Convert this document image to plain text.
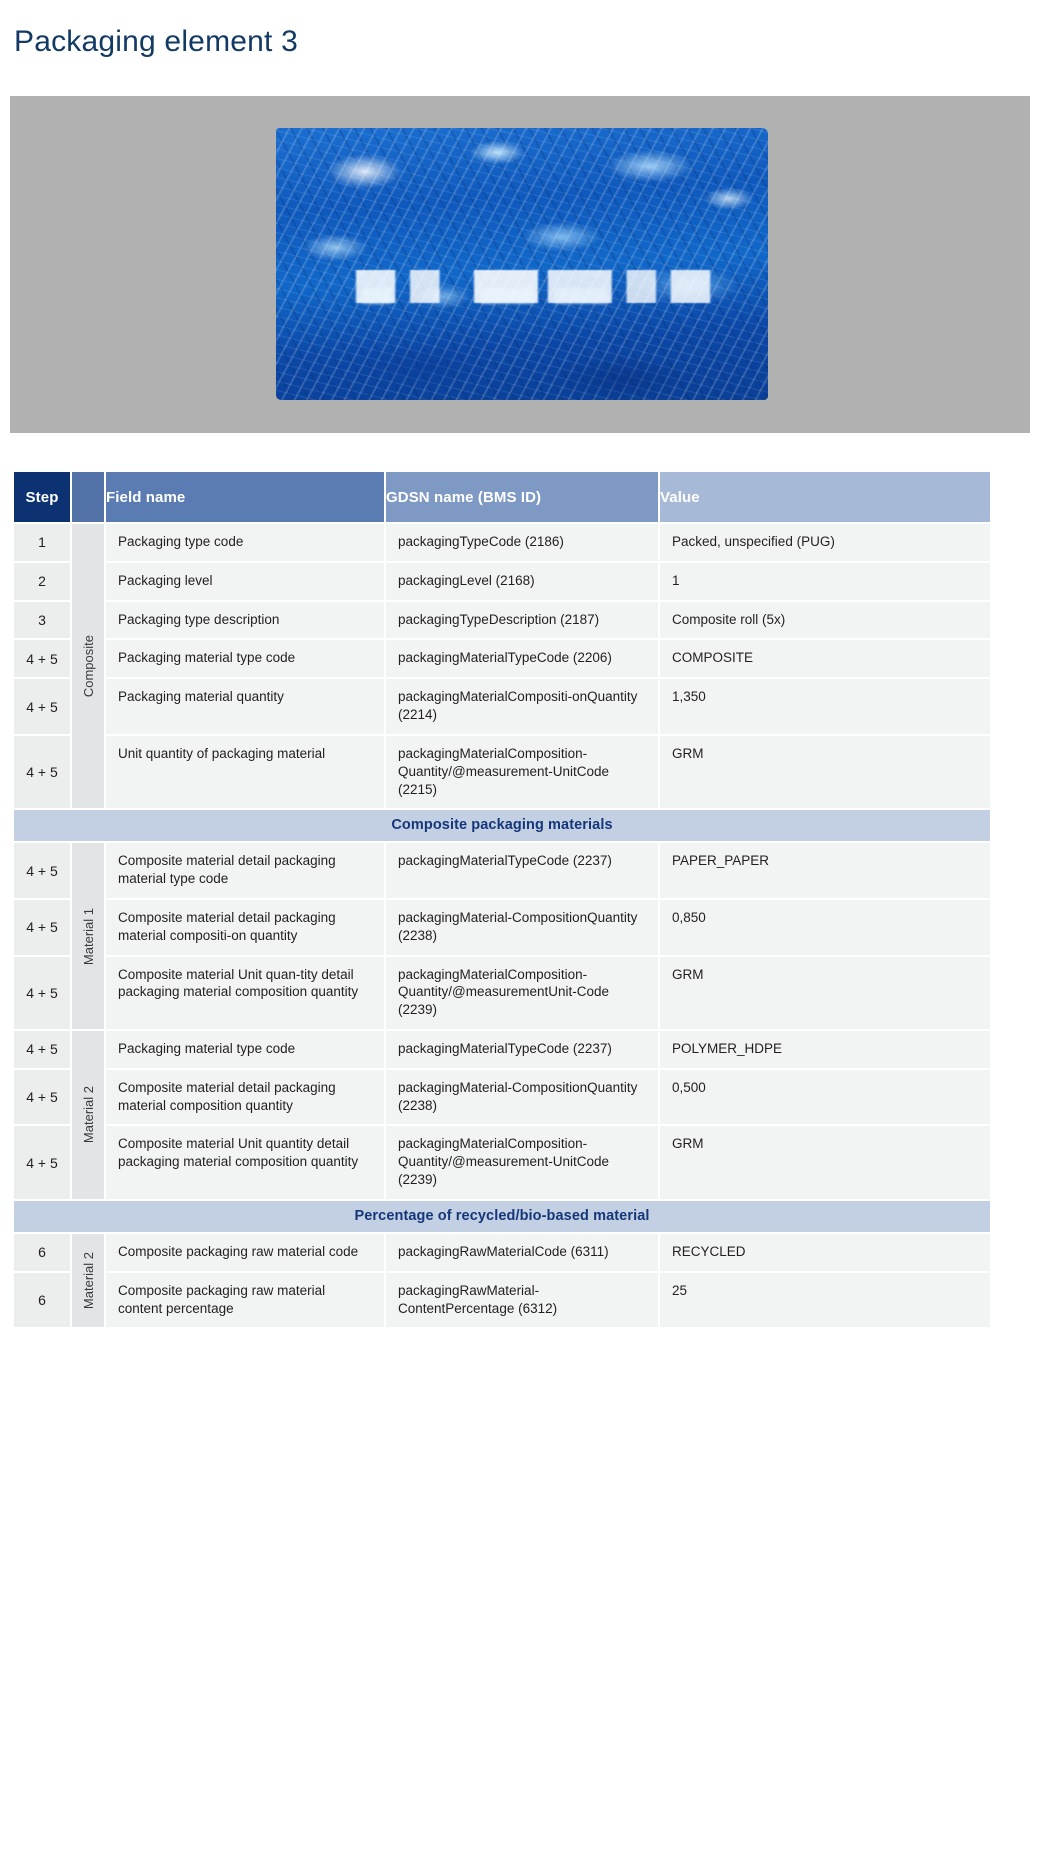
Packaging element 3
Step		Field name	GDSN name (BMS ID)	Value
1	Composite	Packaging type code	packagingTypeCode (2186)	Packed, unspecified (PUG)
2		Packaging level	packagingLevel (2168)	1
3		Packaging type description	packagingTypeDescription (2187)	Composite roll (5x)
4 + 5		Packaging material type code	packagingMaterialTypeCode (2206)	COMPOSITE
4 + 5		Packaging material quantity	packagingMaterialCompositi-onQuantity (2214)	1,350
4 + 5		Unit quantity of packaging material	packagingMaterialComposition-Quantity/@measurement-UnitCode (2215)	GRM
Composite packaging materials				
4 + 5	Material 1	Composite material detail packaging material type code	packagingMaterialTypeCode (2237)	PAPER_PAPER
4 + 5		Composite material detail packaging material compositi-on quantity	packagingMaterial-CompositionQuantity (2238)	0,850
4 + 5		Composite material Unit quan-tity detail packaging material composition quantity	packagingMaterialComposition-Quantity/@measurementUnit-Code (2239)	GRM
4 + 5	Material 2	Packaging material type code	packagingMaterialTypeCode (2237)	POLYMER_HDPE
4 + 5		Composite material detail packaging material composition quantity	packagingMaterial-CompositionQuantity (2238)	0,500
4 + 5		Composite material Unit quantity detail packaging material composition quantity	packagingMaterialComposition-Quantity/@measurement-UnitCode (2239)	GRM
Percentage of recycled/bio-based material				
6	Material 2	Composite packaging raw material code	packagingRawMaterialCode (6311)	RECYCLED
6		Composite packaging raw material content percentage	packagingRawMaterial-ContentPercentage (6312)	25
